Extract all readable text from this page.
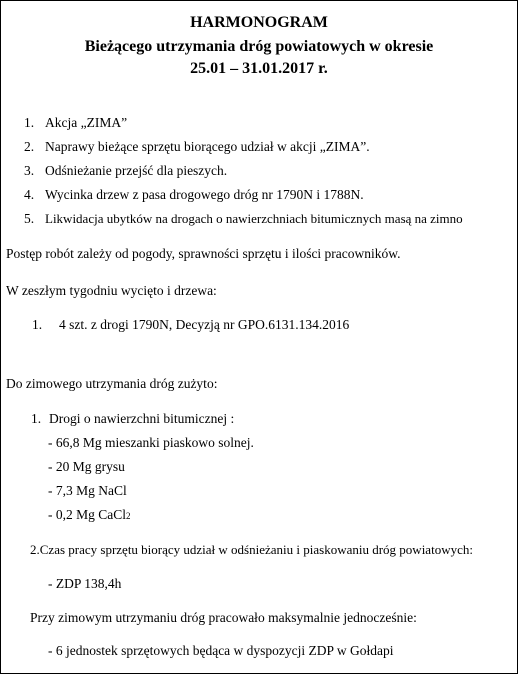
HARMONOGRAM
Bieżącego utrzymania dróg powiatowych w okresie
25.01 – 31.01.2017 r.
1. Akcja „ZIMA”
2. Naprawy bieżące sprzętu biorącego udział w akcji „ZIMA”.
3. Odśnieżanie przejść dla pieszych.
4. Wycinka drzew z pasa drogowego dróg nr 1790N i 1788N.
5. Likwidacja ubytków na drogach o nawierzchniach bitumicznych masą na zimno
Postęp robót zależy od pogody, sprawności sprzętu i ilości pracowników.
W zeszłym tygodniu wycięto i drzewa:
1. 4 szt. z drogi 1790N, Decyzją nr GPO.6131.134.2016
Do zimowego utrzymania dróg zużyto:
1. Drogi o nawierzchni bitumicznej :
- 66,8 Mg mieszanki piaskowo solnej.
- 20 Mg grysu
- 7,3 Mg NaCl
- 0,2 Mg CaCl2
2.Czas pracy sprzętu biorący udział w odśnieżaniu i piaskowaniu dróg powiatowych:
- ZDP 138,4h
Przy zimowym utrzymaniu dróg pracowało maksymalnie jednocześnie:
- 6 jednostek sprzętowych będąca w dyspozycji ZDP w Gołdapi
